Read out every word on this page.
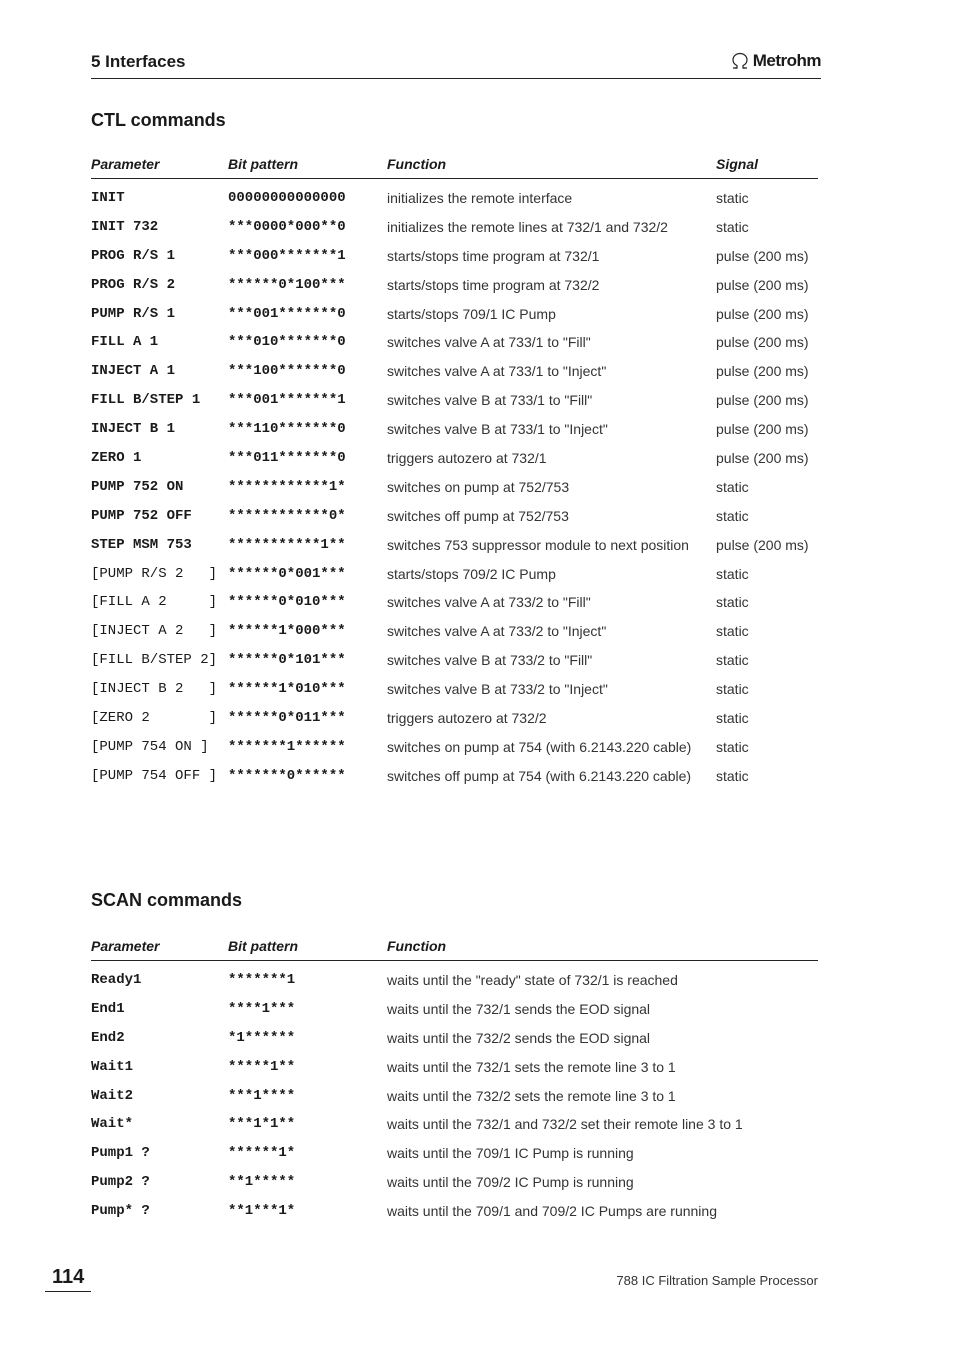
5 Interfaces	Metrohm
CTL commands
Parameter	Bit pattern	Function	Signal
INIT	00000000000000	initializes the remote interface	static
INIT 732	***0000*000**0	initializes the remote lines at 732/1 and 732/2	static
PROG R/S 1	***000*******1	starts/stops time program at 732/1	pulse (200 ms)
PROG R/S 2	******0*100***	starts/stops time program at 732/2	pulse (200 ms)
PUMP R/S 1	***001*******0	starts/stops 709/1 IC Pump	pulse (200 ms)
FILL A 1	***010*******0	switches valve A at 733/1 to "Fill"	pulse (200 ms)
INJECT A 1	***100*******0	switches valve A at 733/1 to "Inject"	pulse (200 ms)
FILL B/STEP 1 ***001*******1	switches valve B at 733/1 to "Fill"	pulse (200 ms)
INJECT B 1	***110*******0	switches valve B at 733/1 to "Inject"	pulse (200 ms)
ZERO 1	***011*******0	triggers autozero at 732/1	pulse (200 ms)
PUMP 752 ON	************1*	switches on pump at 752/753	static
PUMP 752 OFF	************0*	switches off pump at 752/753	static
STEP MSM 753	***********1**	switches 753 suppressor module to next position pulse (200 ms)
[PUMP R/S 2   ] ******0*001***	starts/stops 709/2 IC Pump	static
[FILL A 2     ] ******0*010***	switches valve A at 733/2 to "Fill"	static
[INJECT A 2   ] ******1*000***	switches valve A at 733/2 to "Inject"	static
[FILL B/STEP 2] ******0*101***	switches valve B at 733/2 to "Fill"	static
[INJECT B 2   ] ******1*010***	switches valve B at 733/2 to "Inject"	static
[ZERO 2       ] ******0*011***	triggers autozero at 732/2	static
[PUMP 754 ON ] *******1******	switches on pump at 754 (with 6.2143.220 cable) static
[PUMP 754 OFF ] *******0******	switches off pump at 754 (with 6.2143.220 cable) static
SCAN commands
Parameter	Bit pattern	Function
Ready1	*******1	waits until the "ready" state of 732/1 is reached
End1	****1***	waits until the 732/1 sends the EOD signal
End2	*1******	waits until the 732/2 sends the EOD signal
Wait1	*****1**	waits until the 732/1 sets the remote line 3 to 1
Wait2	***1****	waits until the 732/2 sets the remote line 3 to 1
Wait*	***1*1**	waits until the 732/1 and 732/2 set their remote line 3 to 1
Pump1 ?	******1*	waits until the 709/1 IC Pump is running
Pump2 ?	**1*****	waits until the 709/2 IC Pump is running
Pump* ?	**1***1*	waits until the 709/1 and 709/2 IC Pumps are running
114	788 IC Filtration Sample Processor
